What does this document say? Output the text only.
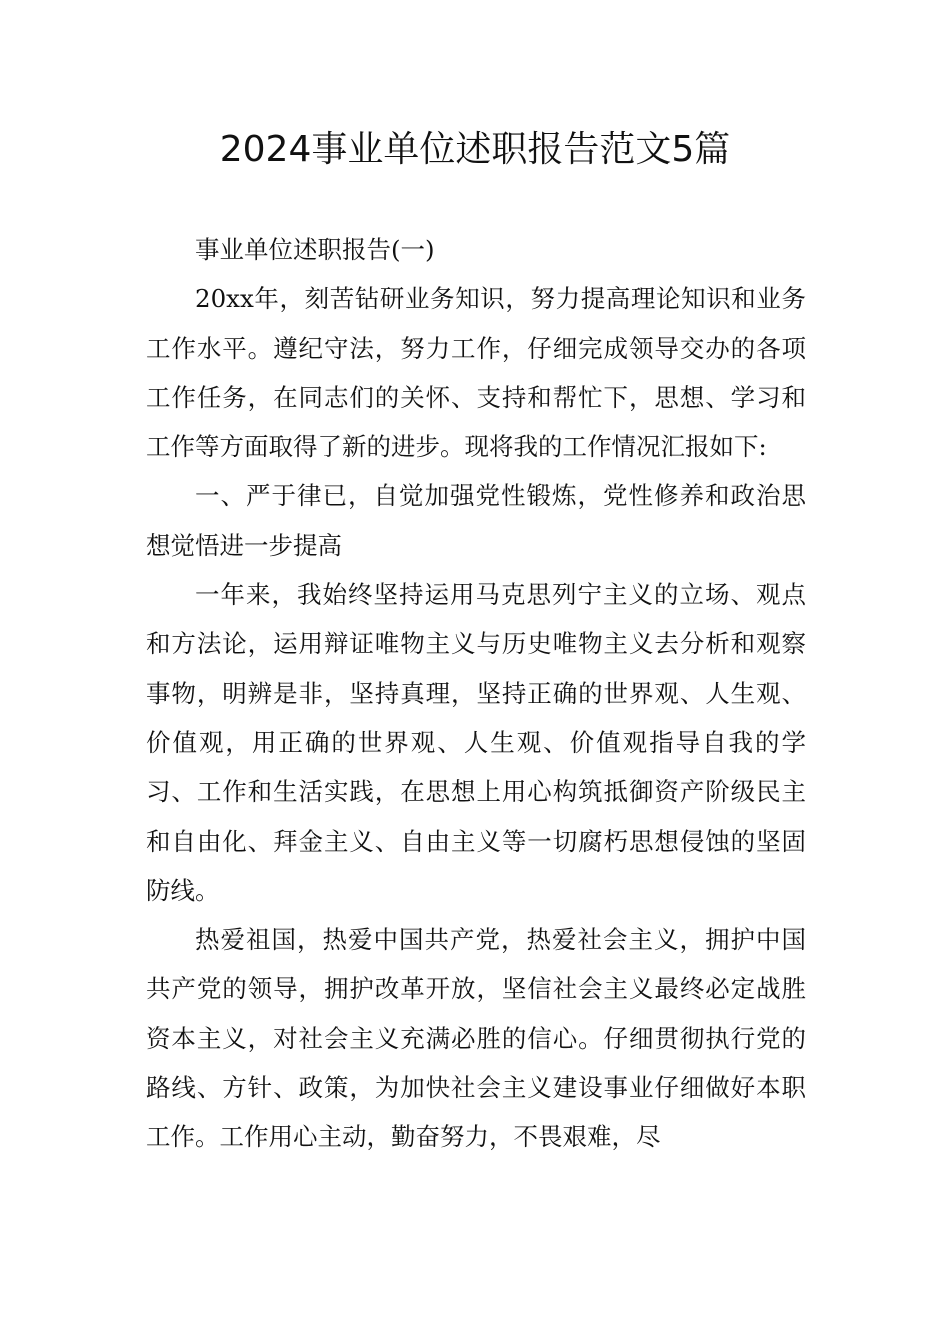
2024事业单位述职报告范文5篇

事业单位述职报告(一)

20xx年，刻苦钻研业务知识，努力提高理论知识和业务工作水平。遵纪守法，努力工作，仔细完成领导交办的各项工作任务，在同志们的关怀、支持和帮忙下，思想、学习和工作等方面取得了新的进步。现将我的工作情况汇报如下:

一、严于律已，自觉加强党性锻炼，党性修养和政治思想觉悟进一步提高

一年来，我始终坚持运用马克思列宁主义的立场、观点和方法论，运用辩证唯物主义与历史唯物主义去分析和观察事物，明辨是非，坚持真理，坚持正确的世界观、人生观、价值观，用正确的世界观、人生观、价值观指导自我的学习、工作和生活实践，在思想上用心构筑抵御资产阶级民主和自由化、拜金主义、自由主义等一切腐朽思想侵蚀的坚固防线。

热爱祖国，热爱中国共产党，热爱社会主义，拥护中国共产党的领导，拥护改革开放，坚信社会主义最终必定战胜资本主义，对社会主义充满必胜的信心。仔细贯彻执行党的路线、方针、政策，为加快社会主义建设事业仔细做好本职工作。工作用心主动，勤奋努力，不畏艰难，尽
